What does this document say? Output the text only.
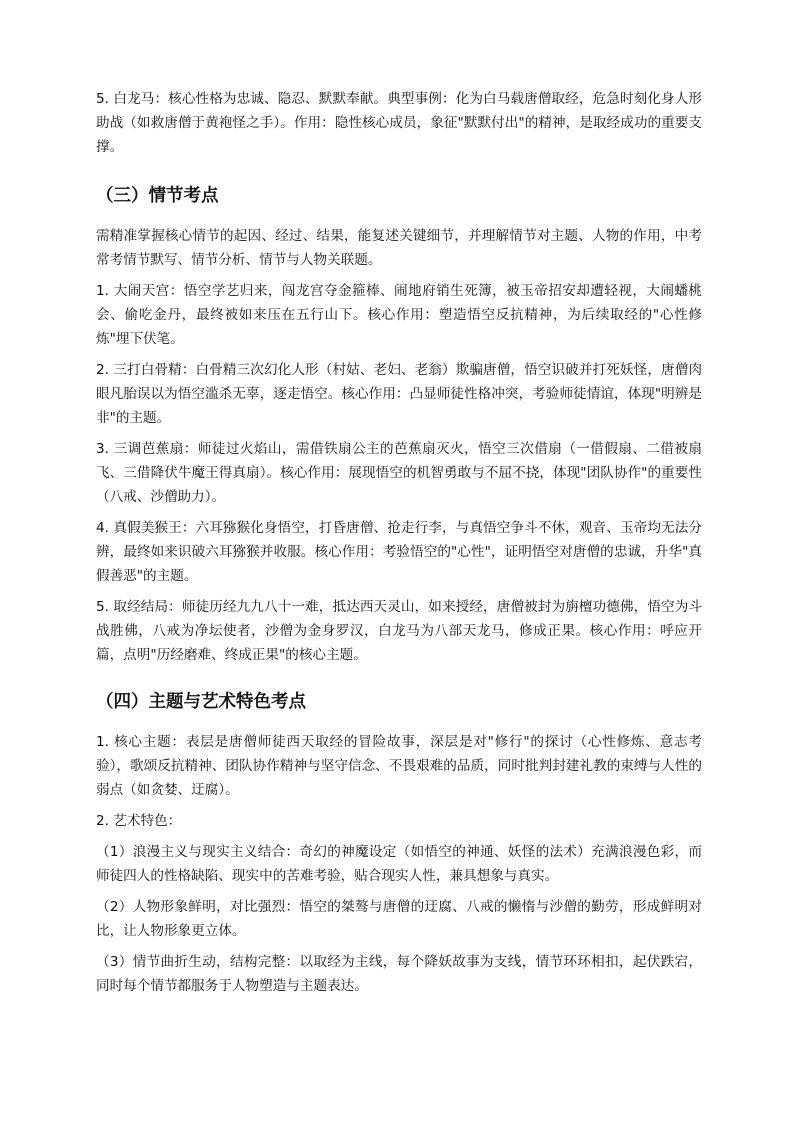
5. 白龙马：核心性格为忠诚、隐忍、默默奉献。典型事例：化为白马载唐僧取经，危急时刻化身人形助战（如救唐僧于黄袍怪之手）。作用：隐性核心成员，象征"默默付出"的精神，是取经成功的重要支撑。

（三）情节考点

需精准掌握核心情节的起因、经过、结果，能复述关键细节，并理解情节对主题、人物的作用，中考常考情节默写、情节分析、情节与人物关联题。

1. 大闹天宫：悟空学艺归来，闯龙宫夺金箍棒、闹地府销生死簿，被玉帝招安却遭轻视，大闹蟠桃会、偷吃金丹，最终被如来压在五行山下。核心作用：塑造悟空反抗精神，为后续取经的"心性修炼"埋下伏笔。

2. 三打白骨精：白骨精三次幻化人形（村姑、老妇、老翁）欺骗唐僧，悟空识破并打死妖怪，唐僧肉眼凡胎误以为悟空滥杀无辜，逐走悟空。核心作用：凸显师徒性格冲突，考验师徒情谊，体现"明辨是非"的主题。

3. 三调芭蕉扇：师徒过火焰山，需借铁扇公主的芭蕉扇灭火，悟空三次借扇（一借假扇、二借被扇飞、三借降伏牛魔王得真扇）。核心作用：展现悟空的机智勇敢与不屈不挠，体现"团队协作"的重要性（八戒、沙僧助力）。

4. 真假美猴王：六耳猕猴化身悟空，打昏唐僧、抢走行李，与真悟空争斗不休，观音、玉帝均无法分辨，最终如来识破六耳猕猴并收服。核心作用：考验悟空的"心性"，证明悟空对唐僧的忠诚，升华"真假善恶"的主题。

5. 取经结局：师徒历经九九八十一难，抵达西天灵山，如来授经，唐僧被封为旃檀功德佛，悟空为斗战胜佛，八戒为净坛使者，沙僧为金身罗汉，白龙马为八部天龙马，修成正果。核心作用：呼应开篇，点明"历经磨难、终成正果"的核心主题。

（四）主题与艺术特色考点

1. 核心主题：表层是唐僧师徒西天取经的冒险故事，深层是对"修行"的探讨（心性修炼、意志考验），歌颂反抗精神、团队协作精神与坚守信念、不畏艰难的品质，同时批判封建礼教的束缚与人性的弱点（如贪婪、迂腐）。

2. 艺术特色：

（1）浪漫主义与现实主义结合：奇幻的神魔设定（如悟空的神通、妖怪的法术）充满浪漫色彩，而师徒四人的性格缺陷、现实中的苦难考验，贴合现实人性，兼具想象与真实。

（2）人物形象鲜明，对比强烈：悟空的桀骜与唐僧的迂腐、八戒的懒惰与沙僧的勤劳，形成鲜明对比，让人物形象更立体。

（3）情节曲折生动，结构完整：以取经为主线，每个降妖故事为支线，情节环环相扣，起伏跌宕，同时每个情节都服务于人物塑造与主题表达。
